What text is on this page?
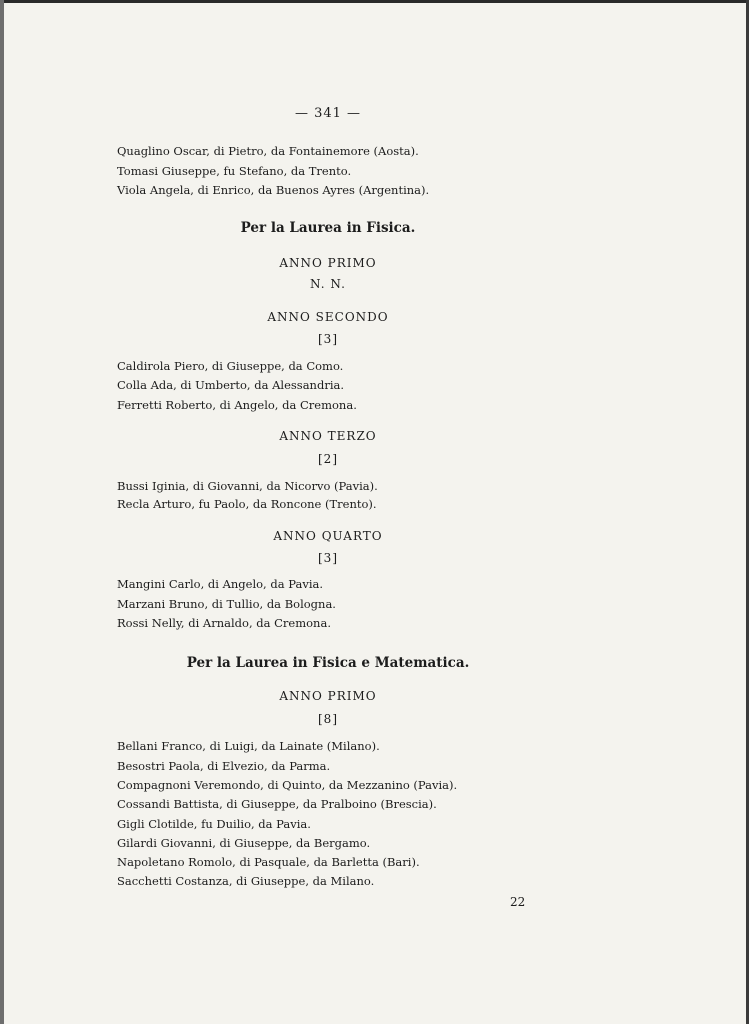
— 341 —
Quaglino Oscar, di Pietro, da Fontainemore (Aosta).
Tomasi Giuseppe, fu Stefano, da Trento.
Viola Angela, di Enrico, da Buenos Ayres (Argentina).
Per la Laurea in Fisica.
ANNO PRIMO
N. N.
ANNO SECONDO
[3]
Caldirola Piero, di Giuseppe, da Como.
Colla Ada, di Umberto, da Alessandria.
Ferretti Roberto, di Angelo, da Cremona.
ANNO TERZO
[2]
Bussi Iginia, di Giovanni, da Nicorvo (Pavia).
Recla Arturo, fu Paolo, da Roncone (Trento).
ANNO QUARTO
[3]
Mangini Carlo, di Angelo, da Pavia.
Marzani Bruno, di Tullio, da Bologna.
Rossi Nelly, di Arnaldo, da Cremona.
Per la Laurea in Fisica e Matematica.
ANNO PRIMO
[8]
Bellani Franco, di Luigi, da Lainate (Milano).
Besostri Paola, di Elvezio, da Parma.
Compagnoni Veremondo, di Quinto, da Mezzanino (Pavia).
Cossandi Battista, di Giuseppe, da Pralboino (Brescia).
Gigli Clotilde, fu Duilio, da Pavia.
Gilardi Giovanni, di Giuseppe, da Bergamo.
Napoletano Romolo, di Pasquale, da Barletta (Bari).
Sacchetti Costanza, di Giuseppe, da Milano.
22
